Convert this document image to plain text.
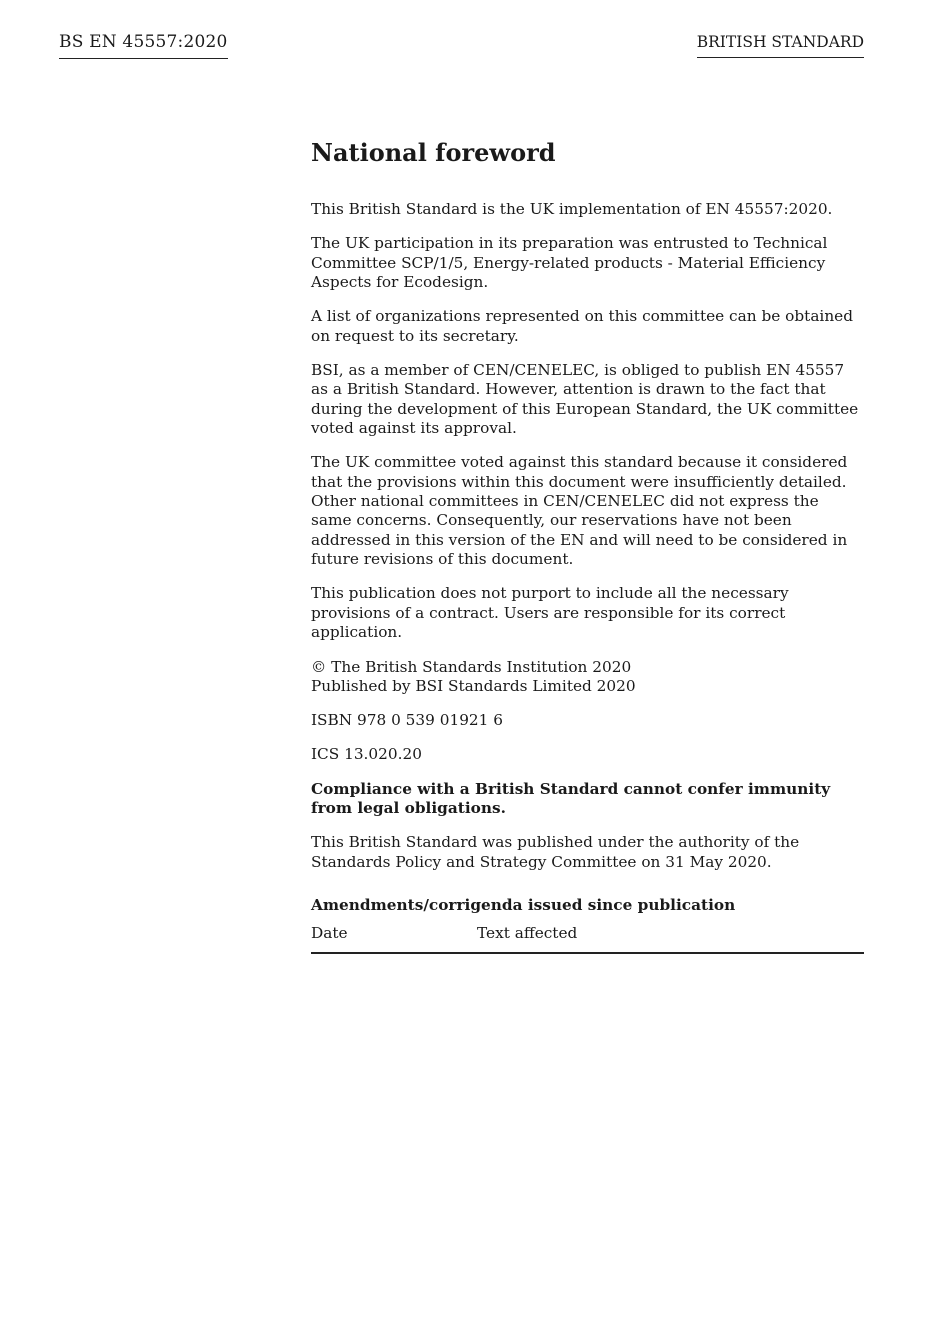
BS EN 45557:2020	BRITISH STANDARD
National foreword

This British Standard is the UK implementation of EN 45557:2020.

The UK participation in its preparation was entrusted to Technical Committee SCP/1/5, Energy-related products - Material Efficiency Aspects for Ecodesign.

A list of organizations represented on this committee can be obtained on request to its secretary.

BSI, as a member of CEN/CENELEC, is obliged to publish EN 45557 as a British Standard. However, attention is drawn to the fact that during the development of this European Standard, the UK committee voted against its approval.

The UK committee voted against this standard because it considered that the provisions within this document were insufficiently detailed. Other national committees in CEN/CENELEC did not express the same concerns. Consequently, our reservations have not been addressed in this version of the EN and will need to be considered in future revisions of this document.

This publication does not purport to include all the necessary provisions of a contract. Users are responsible for its correct application.

© The British Standards Institution 2020
Published by BSI Standards Limited 2020

ISBN 978 0 539 01921 6

ICS 13.020.20

Compliance with a British Standard cannot confer immunity from legal obligations.

This British Standard was published under the authority of the Standards Policy and Strategy Committee on 31 May 2020.

Amendments/corrigenda issued since publication
Date	Text affected
